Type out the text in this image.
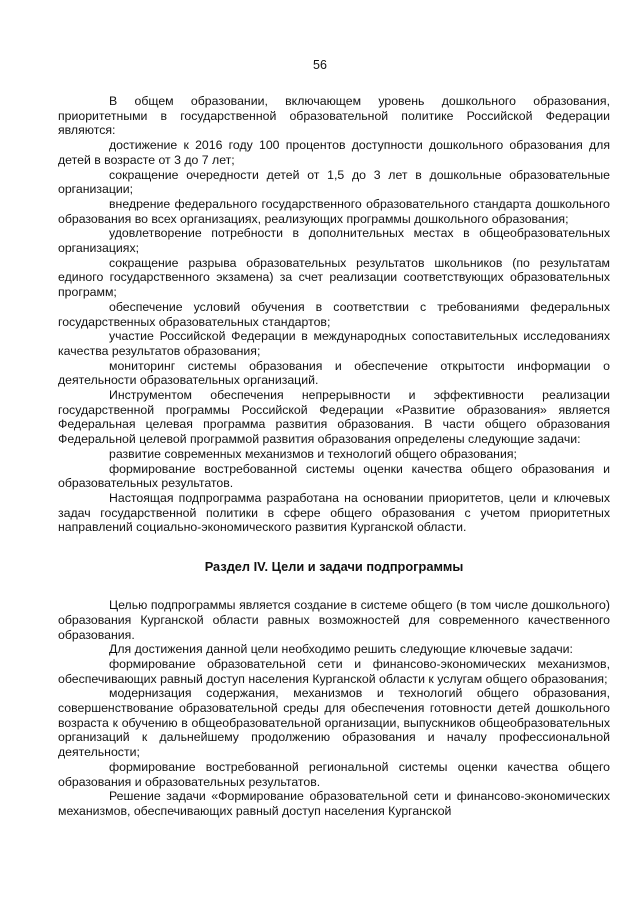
56

В общем образовании, включающем уровень дошкольного образования, приоритетными в государственной образовательной политике Российской Федерации являются:

достижение к 2016 году 100 процентов доступности дошкольного образования для детей в возрасте от 3 до 7 лет;

сокращение очередности детей от 1,5 до 3 лет в дошкольные образовательные организации;

внедрение федерального государственного образовательного стандарта дошкольного образования во всех организациях, реализующих программы дошкольного образования;

удовлетворение потребности в дополнительных местах в общеобразовательных организациях;

сокращение разрыва образовательных результатов школьников (по результатам единого государственного экзамена) за счет реализации соответствующих образовательных программ;

обеспечение условий обучения в соответствии с требованиями федеральных государственных образовательных стандартов;

участие Российской Федерации в международных сопоставительных исследованиях качества результатов образования;

мониторинг системы образования и обеспечение открытости информации о деятельности образовательных организаций.

Инструментом обеспечения непрерывности и эффективности реализации государственной программы Российской Федерации «Развитие образования» является Федеральная целевая программа развития образования. В части общего образования Федеральной целевой программой развития образования определены следующие задачи:

развитие современных механизмов и технологий общего образования;

формирование востребованной системы оценки качества общего образования и образовательных результатов.

Настоящая подпрограмма разработана на основании приоритетов, цели и ключевых задач государственной политики в сфере общего образования с учетом приоритетных направлений социально-экономического развития Курганской области.

Раздел IV. Цели и задачи подпрограммы

Целью подпрограммы является создание в системе общего (в том числе дошкольного) образования Курганской области равных возможностей для современного качественного образования.

Для достижения данной цели необходимо решить следующие ключевые задачи:

формирование образовательной сети и финансово-экономических механизмов, обеспечивающих равный доступ населения Курганской области к услугам общего образования;

модернизация содержания, механизмов и технологий общего образования, совершенствование образовательной среды для обеспечения готовности детей дошкольного возраста к обучению в общеобразовательной организации, выпускников общеобразовательных организаций к дальнейшему продолжению образования и началу профессиональной деятельности;

формирование востребованной региональной системы оценки качества общего образования и образовательных результатов.

Решение задачи «Формирование образовательной сети и финансово-экономических механизмов, обеспечивающих равный доступ населения Курганской
